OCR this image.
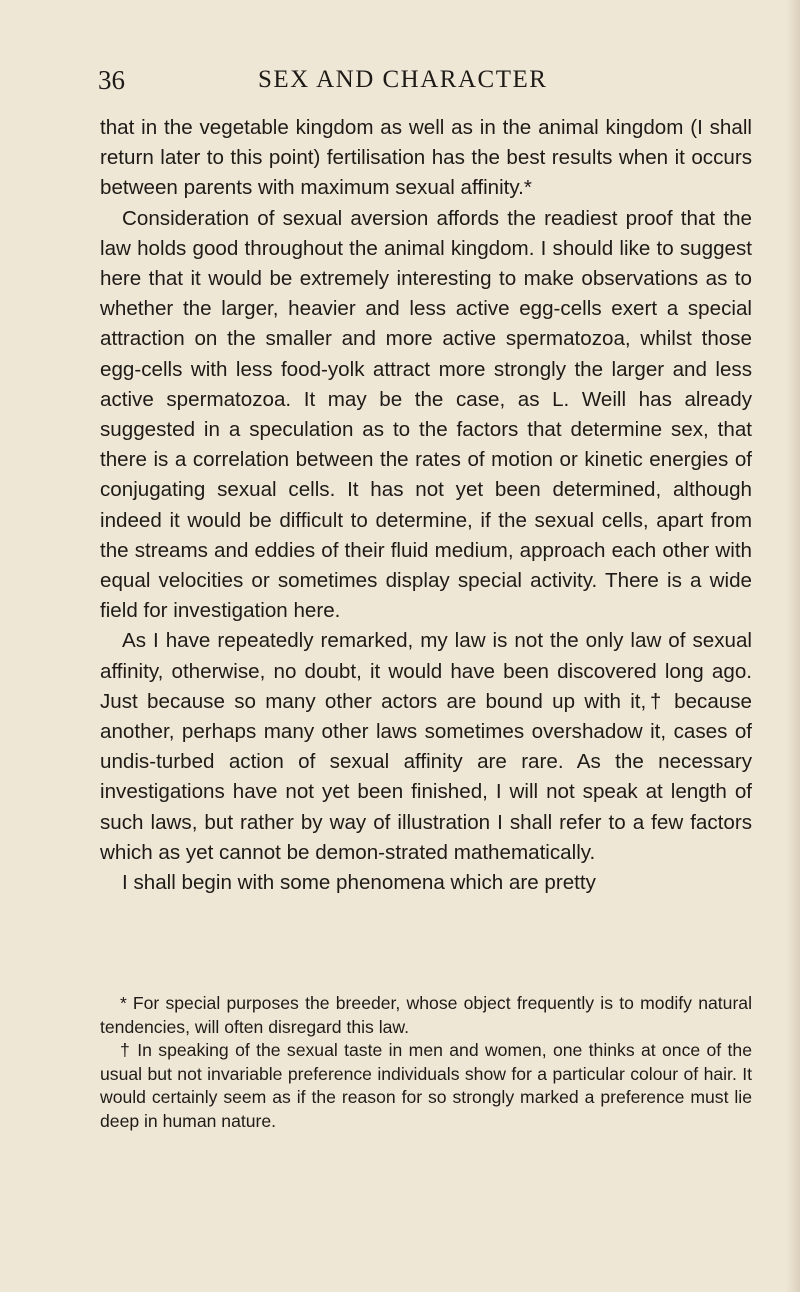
36	SEX AND CHARACTER

that in the vegetable kingdom as well as in the animal kingdom (I shall return later to this point) fertilisation has the best results when it occurs between parents with maximum sexual affinity.*

Consideration of sexual aversion affords the readiest proof that the law holds good throughout the animal kingdom. I should like to suggest here that it would be extremely interesting to make observations as to whether the larger, heavier and less active egg-cells exert a special attraction on the smaller and more active spermatozoa, whilst those egg-cells with less food-yolk attract more strongly the larger and less active spermatozoa. It may be the case, as L. Weill has already suggested in a speculation as to the factors that determine sex, that there is a correlation between the rates of motion or kinetic energies of conjugating sexual cells. It has not yet been determined, although indeed it would be difficult to determine, if the sexual cells, apart from the streams and eddies of their fluid medium, approach each other with equal velocities or sometimes display special activity. There is a wide field for investigation here.

As I have repeatedly remarked, my law is not the only law of sexual affinity, otherwise, no doubt, it would have been discovered long ago. Just because so many other actors are bound up with it,† because another, perhaps many other laws sometimes overshadow it, cases of undis-turbed action of sexual affinity are rare. As the necessary investigations have not yet been finished, I will not speak at length of such laws, but rather by way of illustration I shall refer to a few factors which as yet cannot be demon-strated mathematically.

I shall begin with some phenomena which are pretty

* For special purposes the breeder, whose object frequently is to modify natural tendencies, will often disregard this law.

† In speaking of the sexual taste in men and women, one thinks at once of the usual but not invariable preference individuals show for a particular colour of hair. It would certainly seem as if the reason for so strongly marked a preference must lie deep in human nature.
